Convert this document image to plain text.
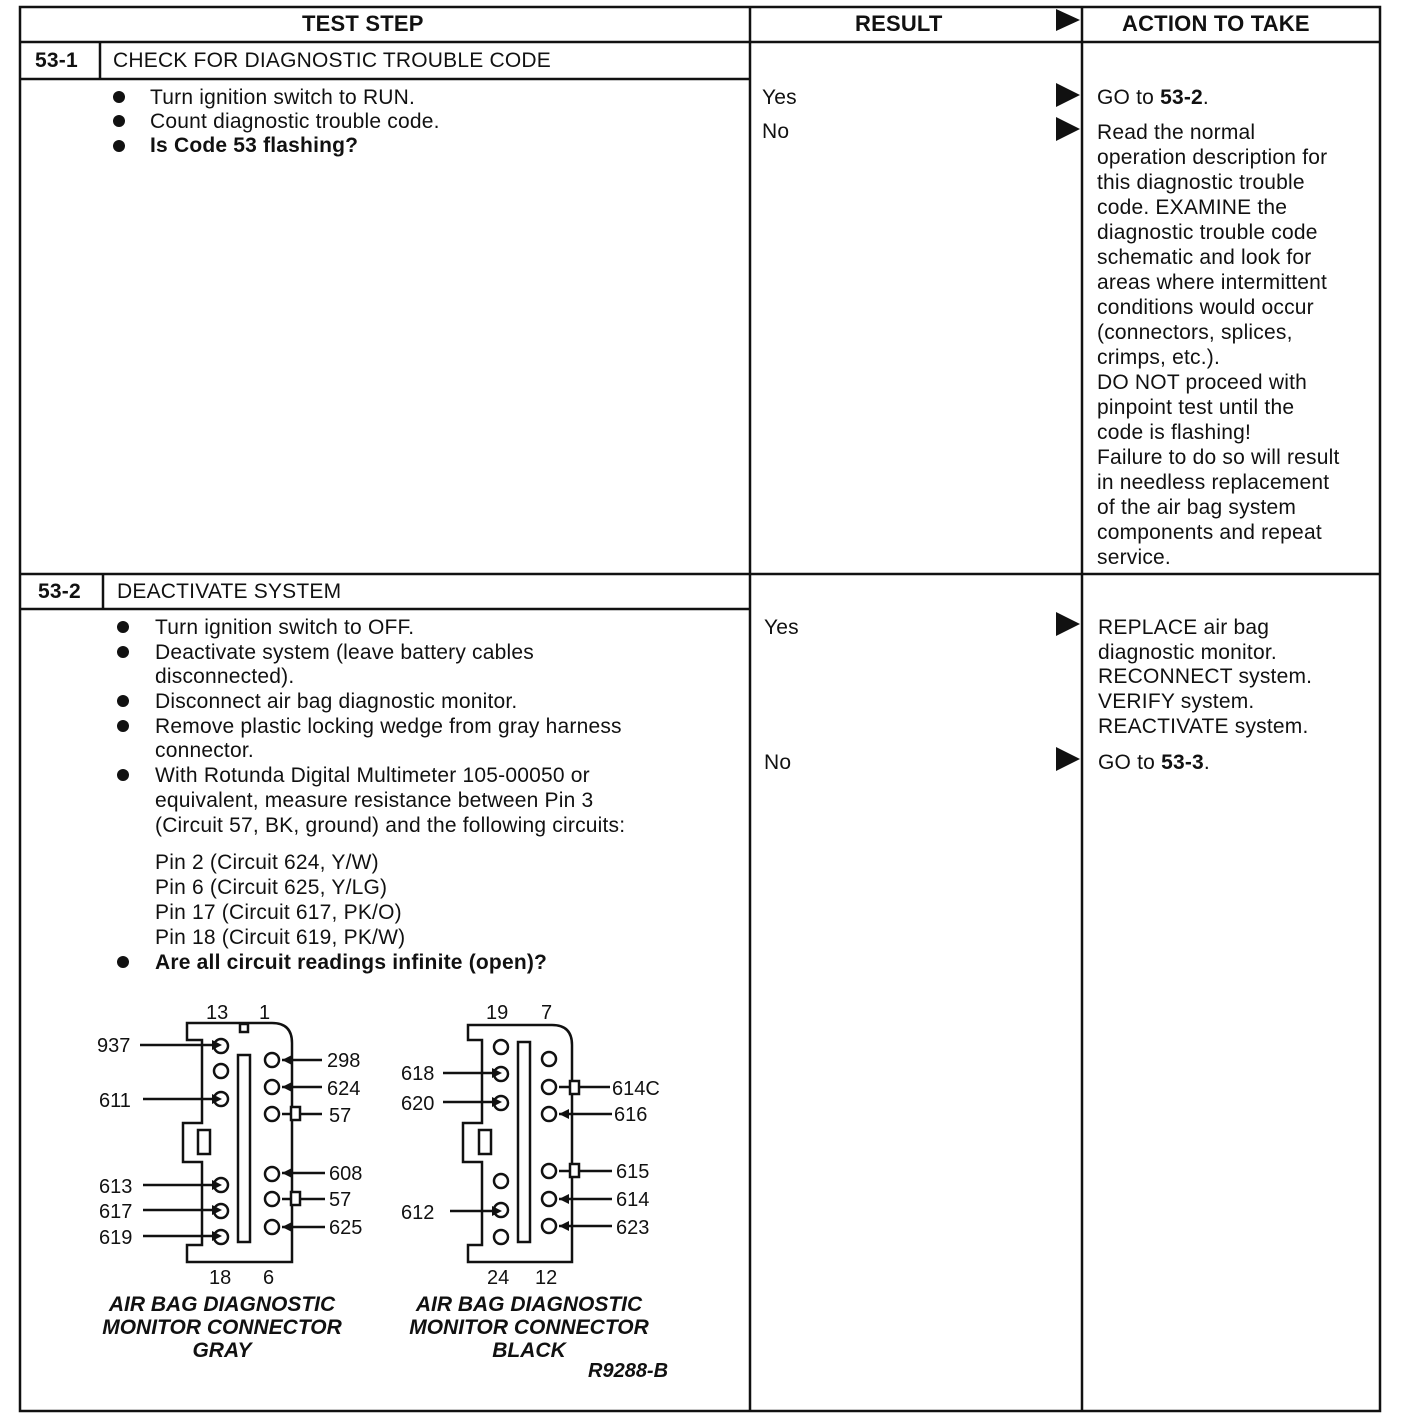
TEST STEP	RESULT	ACTION TO TAKE
53-1 CHECK FOR DIAGNOSTIC TROUBLE CODE
Turn ignition switch to RUN.
Count diagnostic trouble code.
Is Code 53 flashing?
Yes
No
GO to 53-2.
Read the normal
operation description for
this diagnostic trouble
code. EXAMINE the
diagnostic trouble code
schematic and look for
areas where intermittent
conditions would occur
(connectors, splices,
crimps, etc.).
DO NOT proceed with
pinpoint test until the
code is flashing!
Failure to do so will result
in needless replacement
of the air bag system
components and repeat
service.
53-2 DEACTIVATE SYSTEM
Turn ignition switch to OFF.
Deactivate system (leave battery cables
disconnected).
Disconnect air bag diagnostic monitor.
Remove plastic locking wedge from gray harness
connector.
With Rotunda Digital Multimeter 105-00050 or
equivalent, measure resistance between Pin 3
(Circuit 57, BK, ground) and the following circuits:
Pin 2 (Circuit 624, Y/W)
Pin 6 (Circuit 625, Y/LG)
Pin 17 (Circuit 617, PK/O)
Pin 18 (Circuit 619, PK/W)
Are all circuit readings infinite (open)?
Yes
No
REPLACE air bag
diagnostic monitor.
RECONNECT system.
VERIFY system.
REACTIVATE system.
GO to 53-3.
13 1
937
611
613
617
619
298
624
57
608
57
625
18 6
AIR BAG DIAGNOSTIC
MONITOR CONNECTOR
GRAY
19 7
618
620
612
614C
616
615
614
623
24 12
AIR BAG DIAGNOSTIC
MONITOR CONNECTOR
BLACK
R9288-B
